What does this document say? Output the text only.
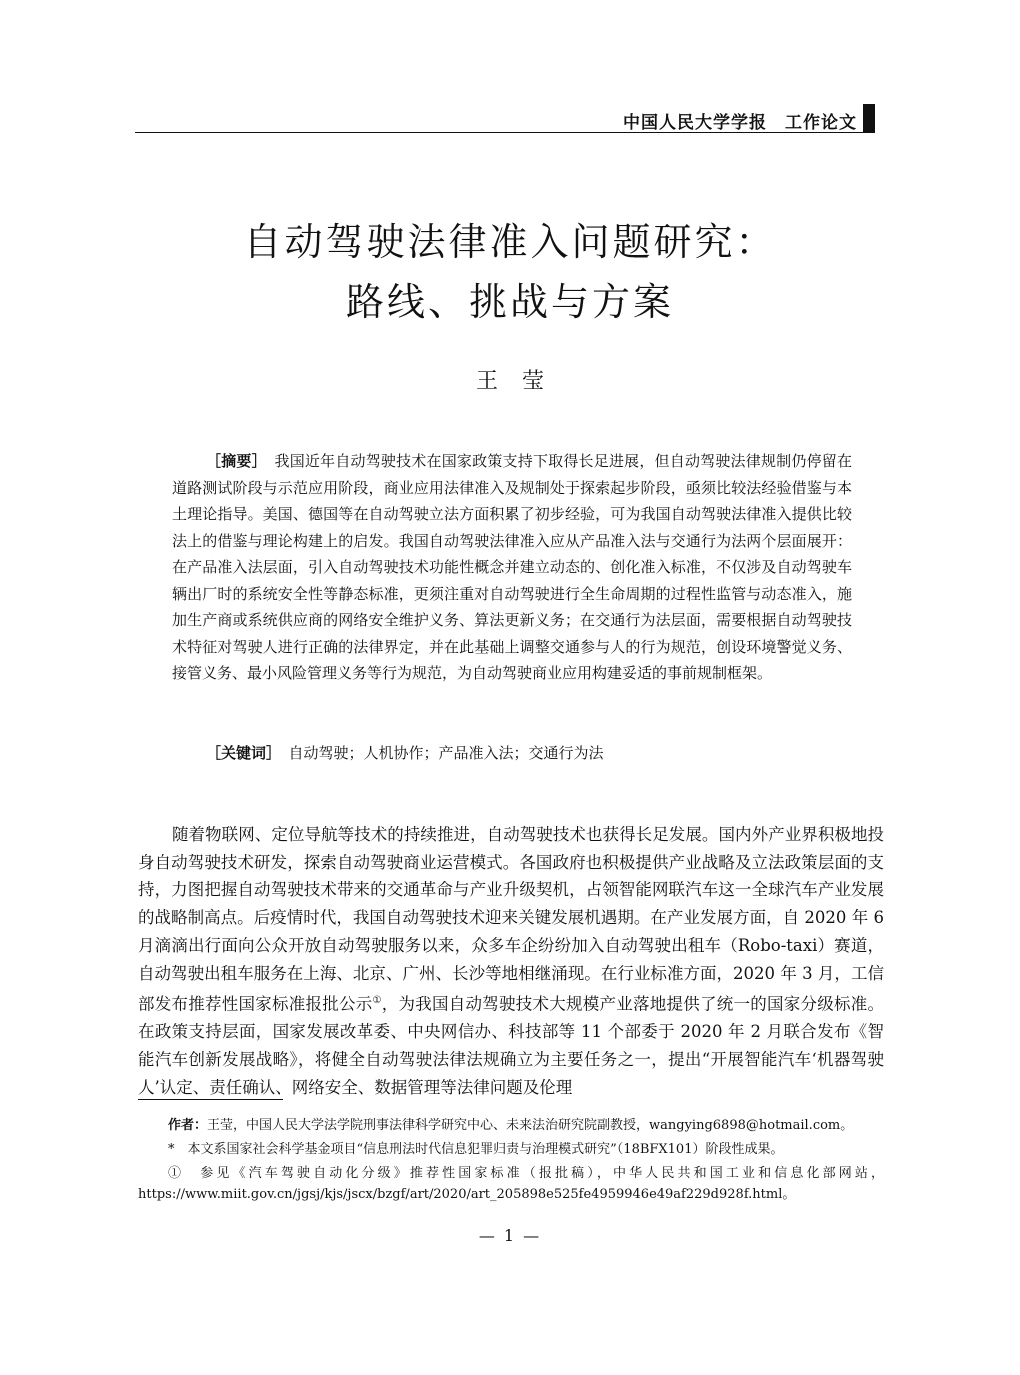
中国人民大学学报　工作论文
自动驾驶法律准入问题研究：
路线、挑战与方案
王莹
［摘要］　 我国近年自动驾驶技术在国家政策支持下取得长足进展，但自动驾驶法律规制仍停留在道路测试阶段与示范应用阶段，商业应用法律准入及规制处于探索起步阶段，亟须比较法经验借鉴与本土理论指导。美国、德国等在自动驾驶立法方面积累了初步经验，可为我国自动驾驶法律准入提供比较法上的借鉴与理论构建上的启发。我国自动驾驶法律准入应从产品准入法与交通行为法两个层面展开：在产品准入法层面，引入自动驾驶技术功能性概念并建立动态的、创化准入标准，不仅涉及自动驾驶车辆出厂时的系统安全性等静态标准，更须注重对自动驾驶进行全生命周期的过程性监管与动态准入，施加生产商或系统供应商的网络安全维护义务、算法更新义务；在交通行为法层面，需要根据自动驾驶技术特征对驾驶人进行正确的法律界定，并在此基础上调整交通参与人的行为规范，创设环境警觉义务、接管义务、最小风险管理义务等行为规范，为自动驾驶商业应用构建妥适的事前规制框架。
［关键词］　 自动驾驶；人机协作；产品准入法；交通行为法
随着物联网、定位导航等技术的持续推进，自动驾驶技术也获得长足发展。国内外产业界积极地投身自动驾驶技术研发，探索自动驾驶商业运营模式。各国政府也积极提供产业战略及立法政策层面的支持，力图把握自动驾驶技术带来的交通革命与产业升级契机，占领智能网联汽车这一全球汽车产业发展的战略制高点。后疫情时代，我国自动驾驶技术迎来关键发展机遇期。在产业发展方面，自 2020 年 6 月滴滴出行面向公众开放自动驾驶服务以来，众多车企纷纷加入自动驾驶出租车（Robo-taxi）赛道，自动驾驶出租车服务在上海、北京、广州、长沙等地相继涌现。在行业标准方面，2020 年 3 月，工信部发布推荐性国家标准报批公示①，为我国自动驾驶技术大规模产业落地提供了统一的国家分级标准。在政策支持层面，国家发展改革委、中央网信办、科技部等 11 个部委于 2020 年 2 月联合发布《智能汽车创新发展战略》，将健全自动驾驶法律法规确立为主要任务之一，提出“开展智能汽车‘机器驾驶人’认定、责任确认、网络安全、数据管理等法律问题及伦理

作者：王莹，中国人民大学法学院刑事法律科学研究中心、未来法治研究院副教授，wangying6898@hotmail.com。

*　本文系国家社会科学基金项目“信息刑法时代信息犯罪归责与治理模式研究”（18BFX101）阶段性成果。

①　参见《汽车驾驶自动化分级》推荐性国家标准（报批稿），中华人民共和国工业和信息化部网站，https://www.miit.gov.cn/jgsj/kjs/jscx/bzgf/art/2020/art_205898e525fe4959946e49af229d928f.html。

— 1 —
